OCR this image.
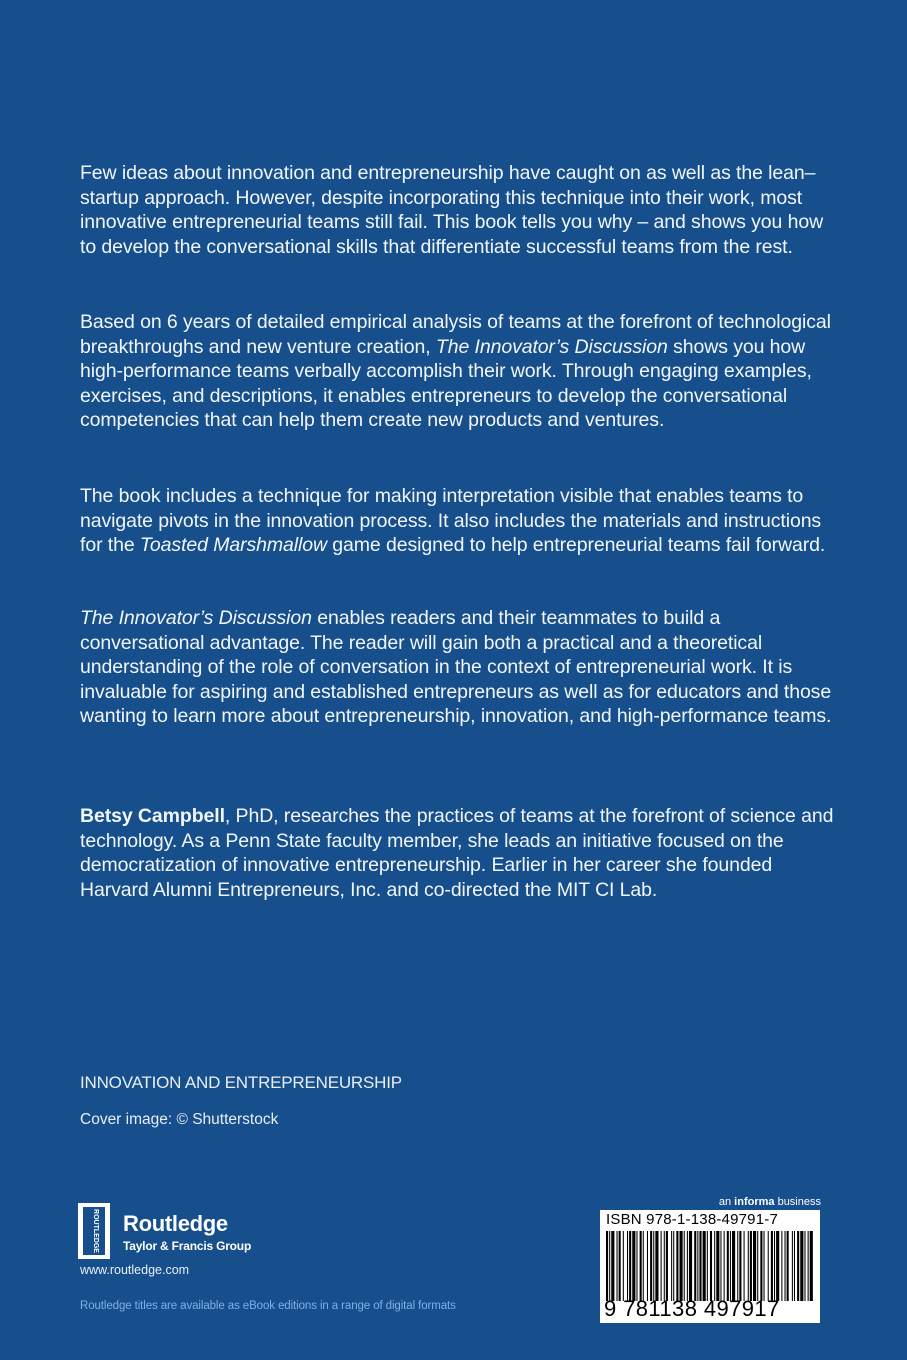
Few ideas about innovation and entrepreneurship have caught on as well as the lean–startup approach. However, despite incorporating this technique into their work, most innovative entrepreneurial teams still fail. This book tells you why – and shows you how to develop the conversational skills that differentiate successful teams from the rest.

Based on 6 years of detailed empirical analysis of teams at the forefront of technological breakthroughs and new venture creation, The Innovator’s Discussion shows you how high-performance teams verbally accomplish their work. Through engaging examples, exercises, and descriptions, it enables entrepreneurs to develop the conversational competencies that can help them create new products and ventures.

The book includes a technique for making interpretation visible that enables teams to navigate pivots in the innovation process. It also includes the materials and instructions for the Toasted Marshmallow game designed to help entrepreneurial teams fail forward.

The Innovator’s Discussion enables readers and their teammates to build a conversational advantage. The reader will gain both a practical and a theoretical understanding of the role of conversation in the context of entrepreneurial work. It is invaluable for aspiring and established entrepreneurs as well as for educators and those wanting to learn more about entrepreneurship, innovation, and high-performance teams.

Betsy Campbell, PhD, researches the practices of teams at the forefront of science and technology. As a Penn State faculty member, she leads an initiative focused on the democratization of innovative entrepreneurship. Earlier in her career she founded Harvard Alumni Entrepreneurs, Inc. and co-directed the MIT CI Lab.

INNOVATION AND ENTREPRENEURSHIP
Cover image: © Shutterstock
ROUTLEDGE Routledge
Taylor & Francis Group
www.routledge.com
Routledge titles are available as eBook editions in a range of digital formats
an informa business
ISBN 978-1-138-49791-7
9 781138 497917
